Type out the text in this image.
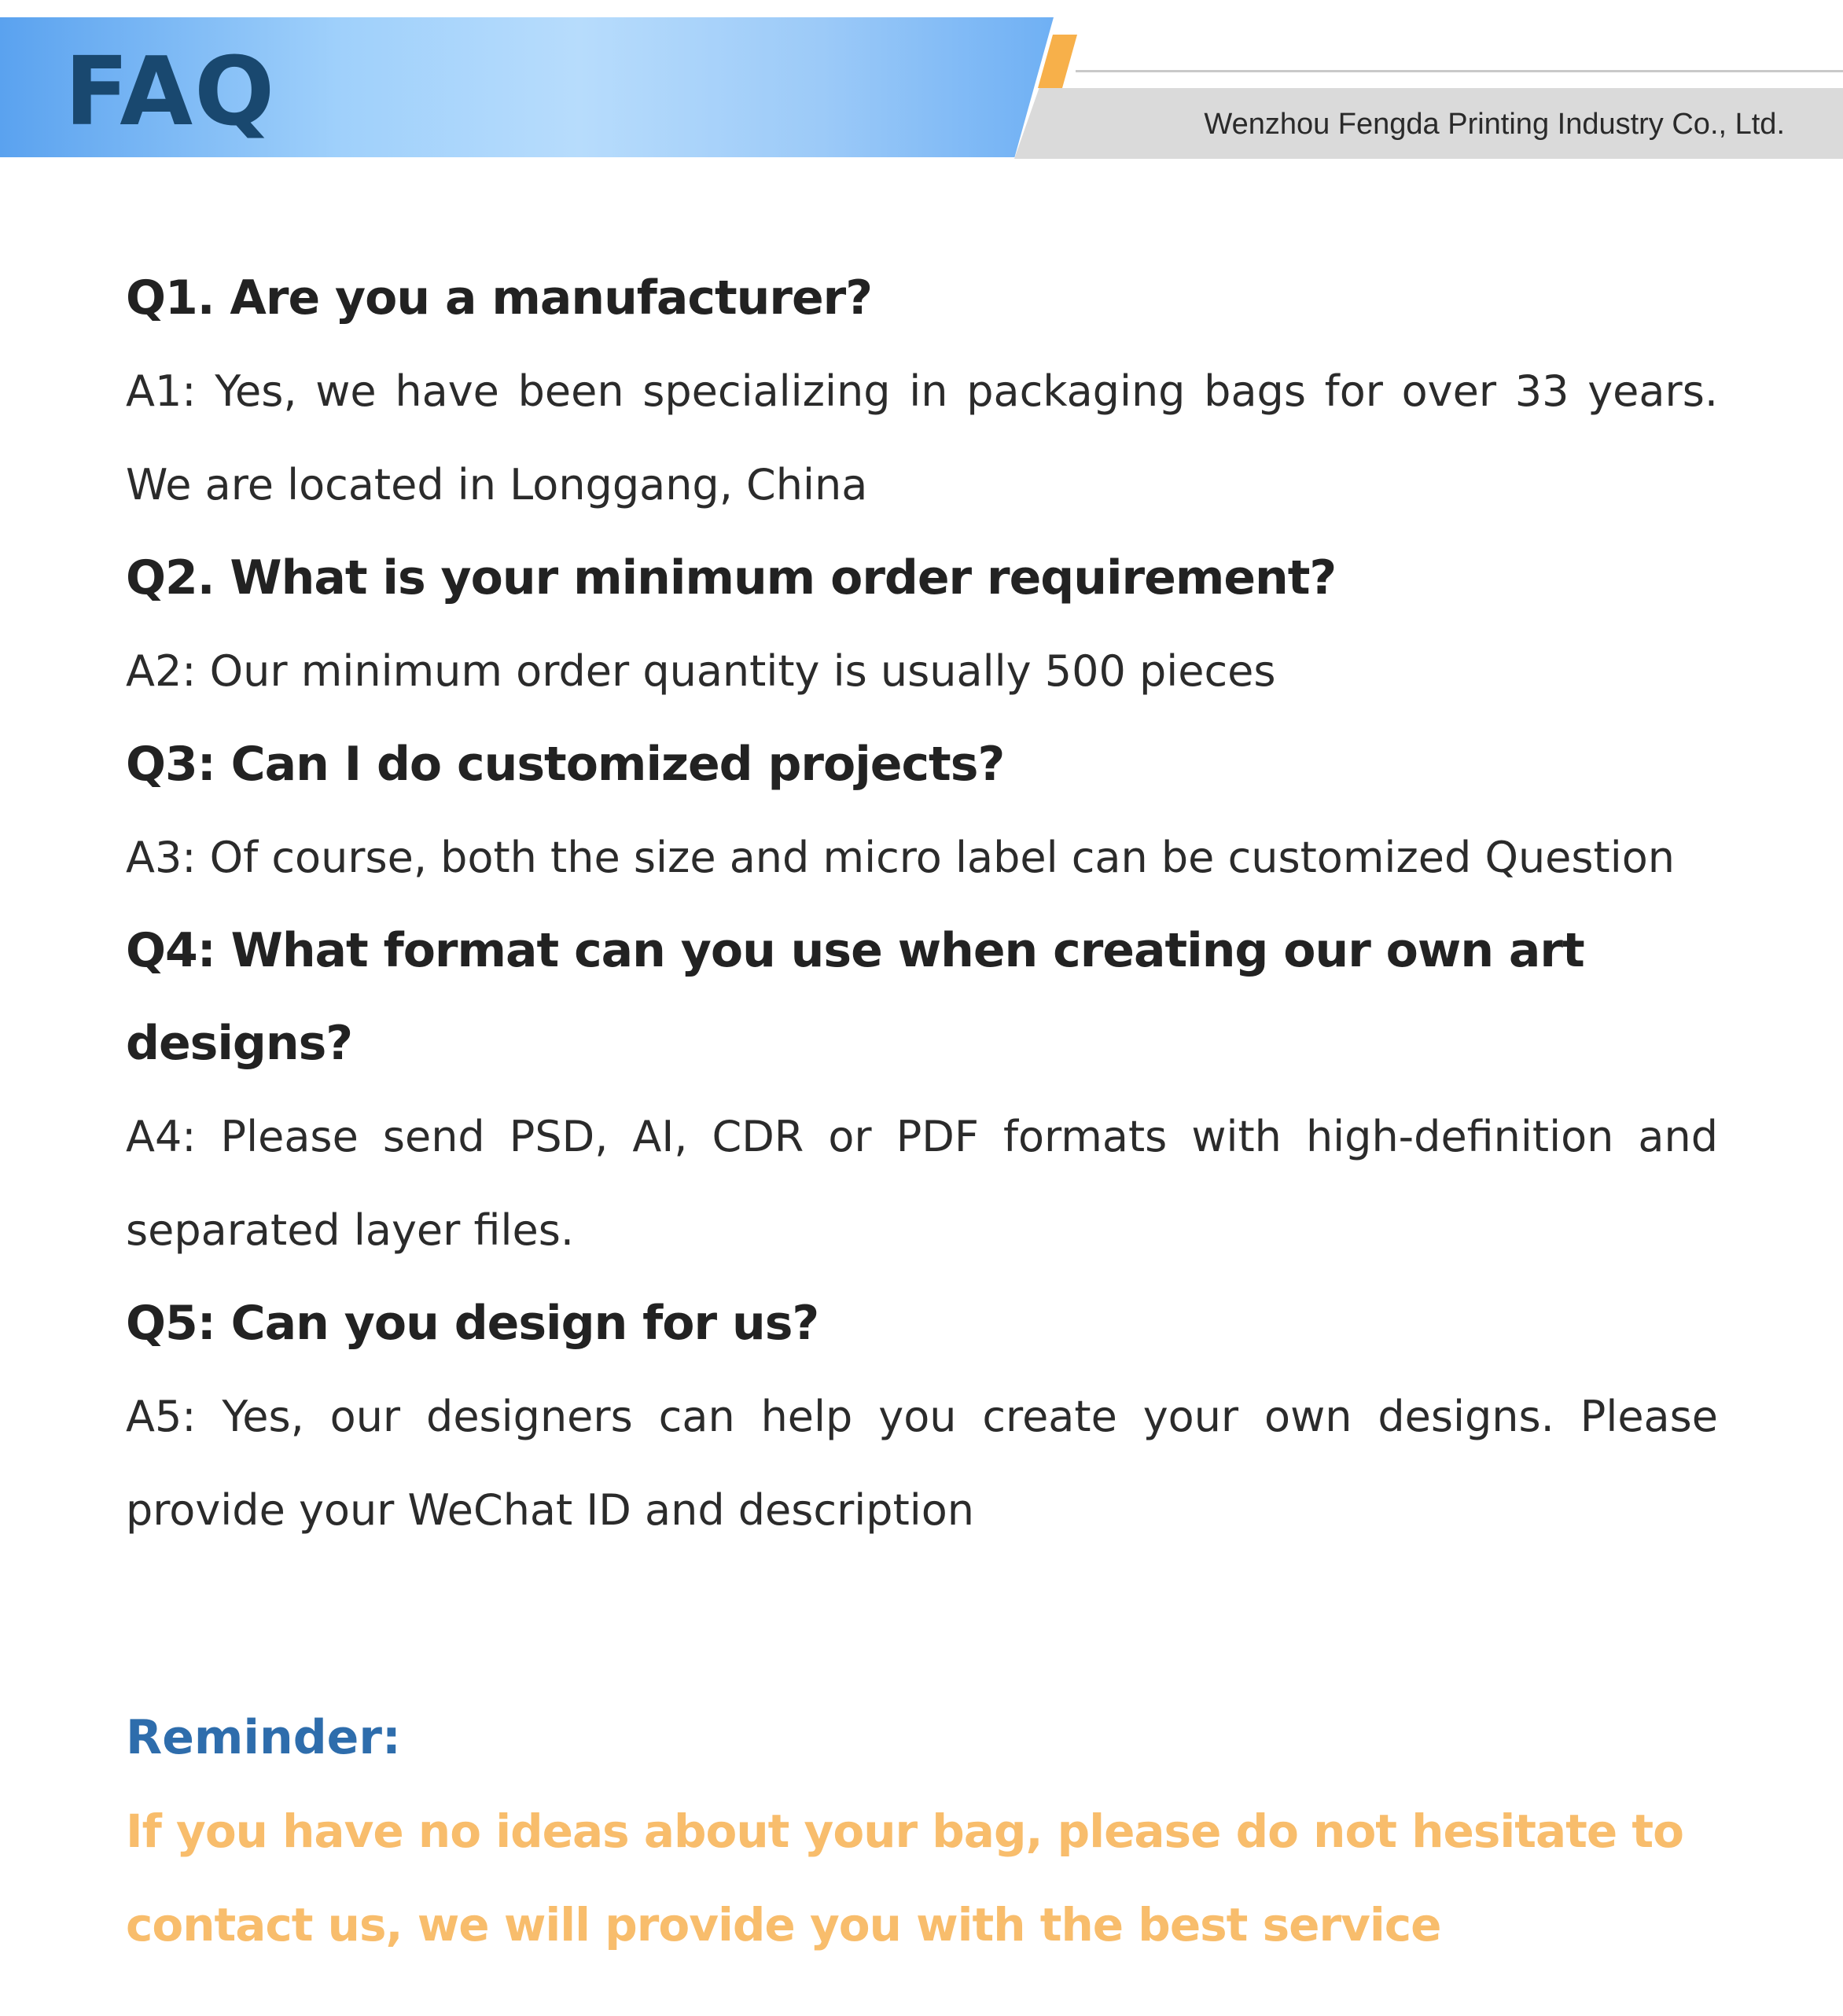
FAQ	Wenzhou Fengda Printing Industry Co., Ltd.

Q1. Are you a manufacturer?

A1: Yes, we have been specializing in packaging bags for over 33 years. We are located in Longgang, China

Q2. What is your minimum order requirement?

A2: Our minimum order quantity is usually 500 pieces

Q3: Can I do customized projects?

A3: Of course, both the size and micro label can be customized Question

Q4: What format can you use when creating our own art designs?

A4: Please send PSD, AI, CDR or PDF formats with high-definition and separated layer files.

Q5: Can you design for us?

A5: Yes, our designers can help you create your own designs. Please provide your WeChat ID and description

Reminder:

If you have no ideas about your bag, please do not hesitate to contact us, we will provide you with the best service
